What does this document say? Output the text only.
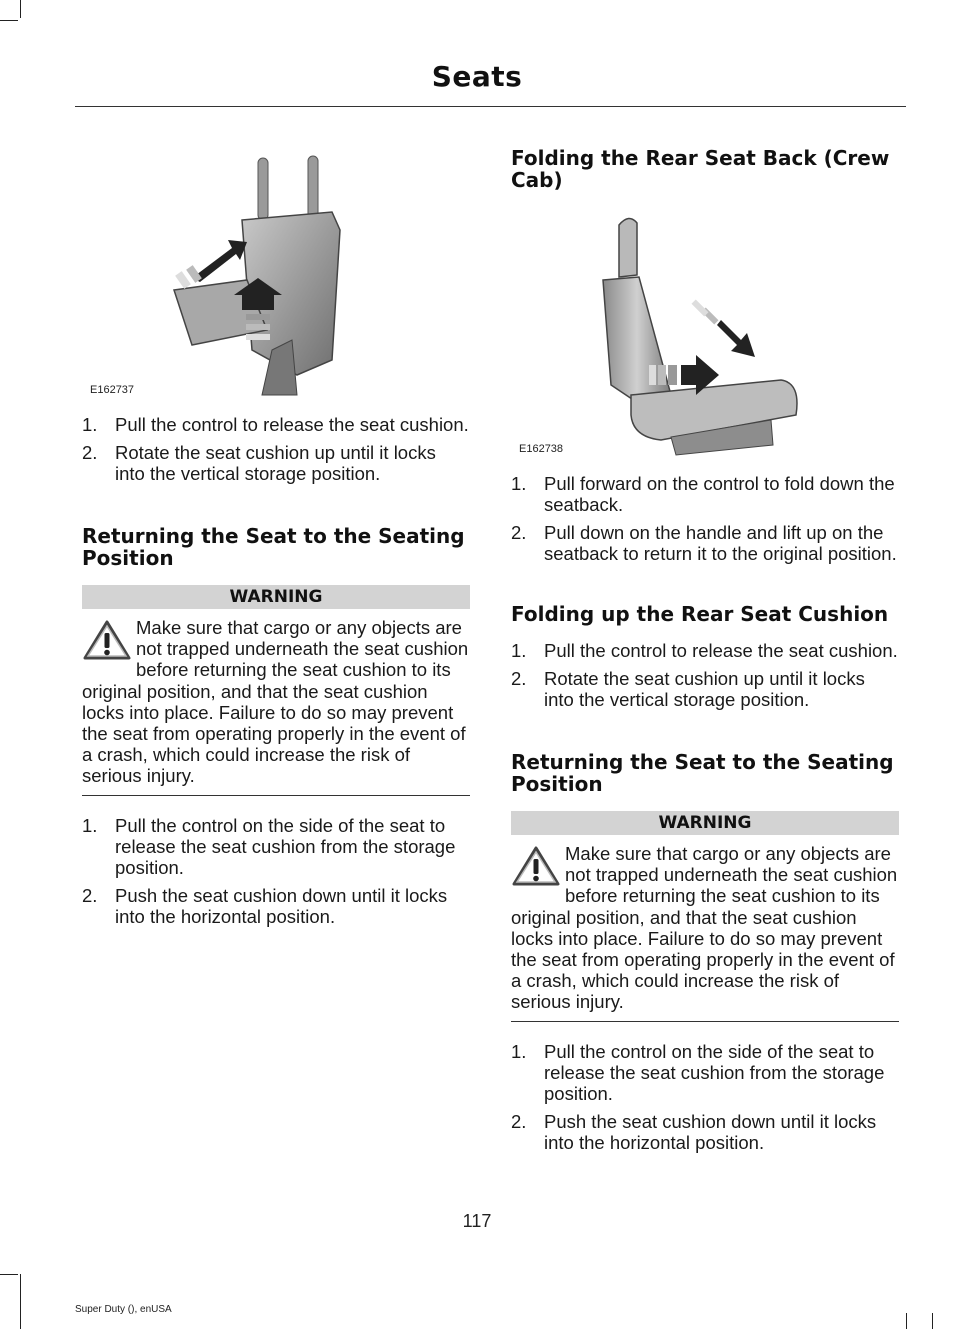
Seats
E162737
1. Pull the control to release the seat cushion.
2. Rotate the seat cushion up until it locks into the vertical storage position.
Returning the Seat to the Seating Position
WARNING
Make sure that cargo or any objects are not trapped underneath the seat cushion before returning the seat cushion to its original position, and that the seat cushion locks into place. Failure to do so may prevent the seat from operating properly in the event of a crash, which could increase the risk of serious injury.
1. Pull the control on the side of the seat to release the seat cushion from the storage position.
2. Push the seat cushion down until it locks into the horizontal position.
Folding the Rear Seat Back (Crew Cab)
E162738
1. Pull forward on the control to fold down the seatback.
2. Pull down on the handle and lift up on the seatback to return it to the original position.
Folding up the Rear Seat Cushion
1. Pull the control to release the seat cushion.
2. Rotate the seat cushion up until it locks into the vertical storage position.
Returning the Seat to the Seating Position
WARNING
Make sure that cargo or any objects are not trapped underneath the seat cushion before returning the seat cushion to its original position, and that the seat cushion locks into place. Failure to do so may prevent the seat from operating properly in the event of a crash, which could increase the risk of serious injury.
1. Pull the control on the side of the seat to release the seat cushion from the storage position.
2. Push the seat cushion down until it locks into the horizontal position.
117
Super Duty (), enUSA
